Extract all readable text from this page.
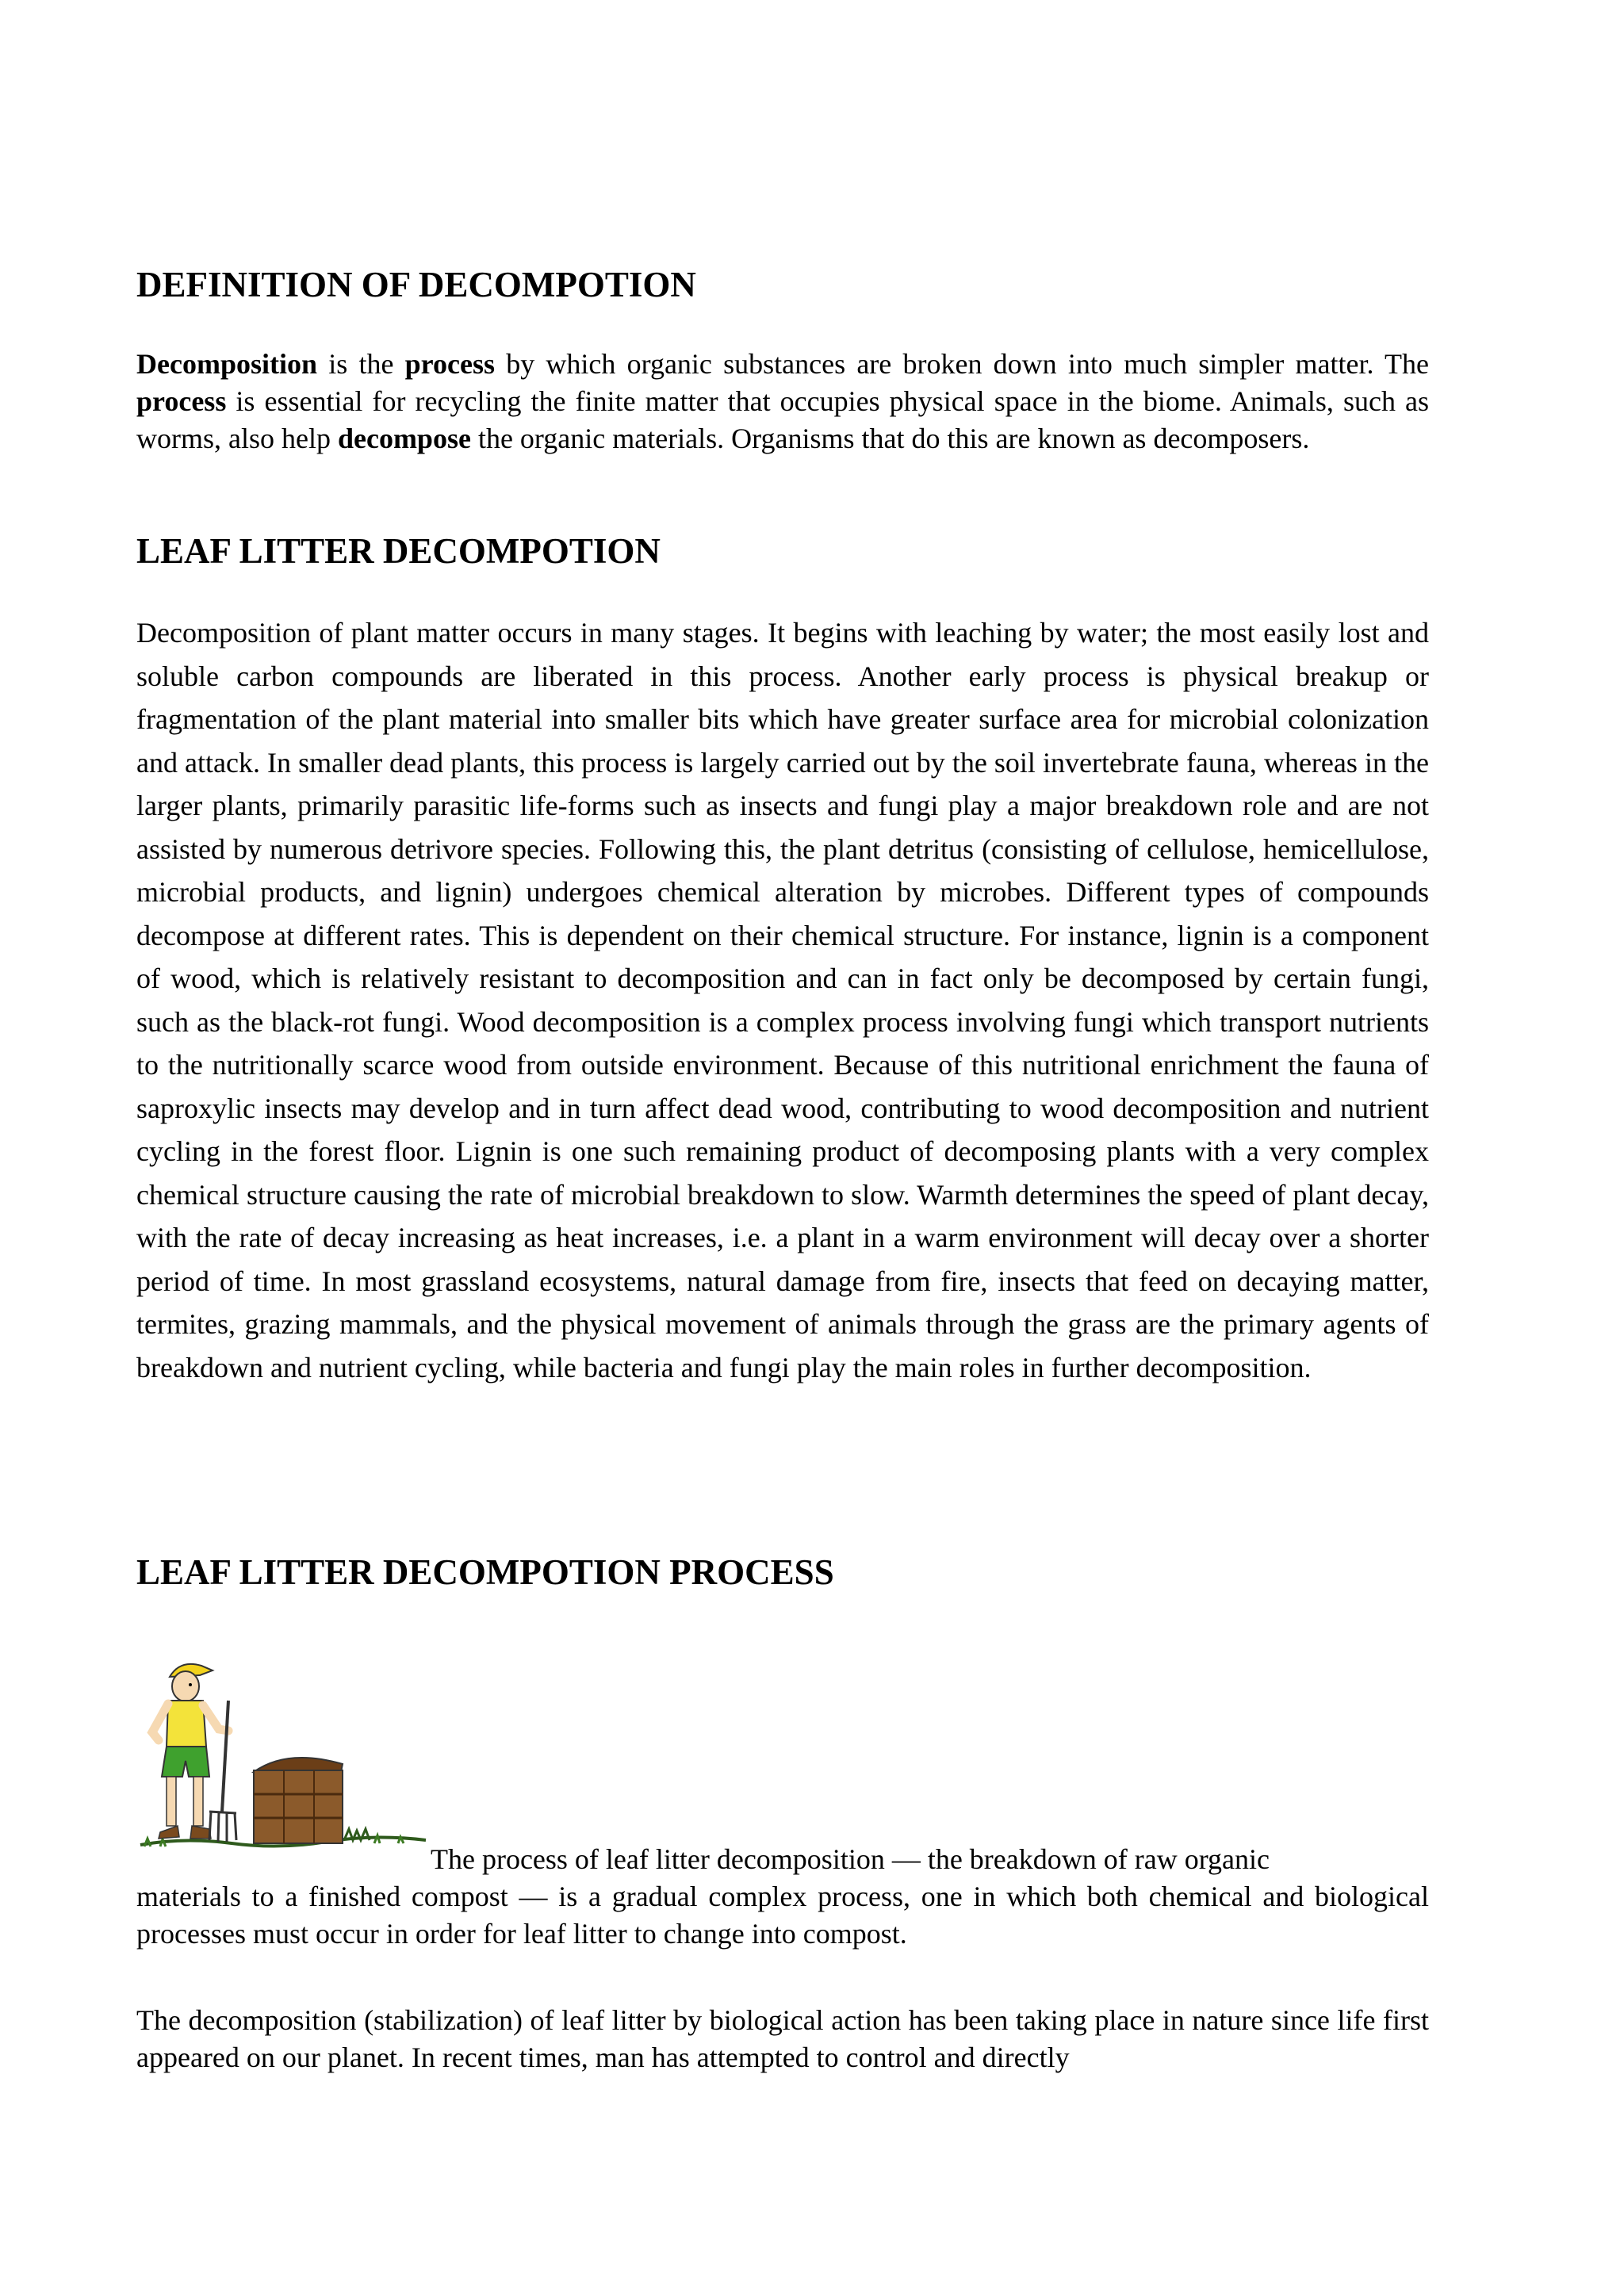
DEFINITION OF DECOMPOTION

Decomposition is the process by which organic substances are broken down into much simpler matter. The process is essential for recycling the finite matter that occupies physical space in the biome. Animals, such as worms, also help decompose the organic materials. Organisms that do this are known as decomposers.

LEAF LITTER DECOMPOTION

Decomposition of plant matter occurs in many stages. It begins with leaching by water; the most easily lost and soluble carbon compounds are liberated in this process. Another early process is physical breakup or fragmentation of the plant material into smaller bits which have greater surface area for microbial colonization and attack. In smaller dead plants, this process is largely carried out by the soil invertebrate fauna, whereas in the larger plants, primarily parasitic life-forms such as insects and fungi play a major breakdown role and are not assisted by numerous detrivore species. Following this, the plant detritus (consisting of cellulose, hemicellulose, microbial products, and lignin) undergoes chemical alteration by microbes. Different types of compounds decompose at different rates. This is dependent on their chemical structure. For instance, lignin is a component of wood, which is relatively resistant to decomposition and can in fact only be decomposed by certain fungi, such as the black-rot fungi. Wood decomposition is a complex process involving fungi which transport nutrients to the nutritionally scarce wood from outside environment. Because of this nutritional enrichment the fauna of saproxylic insects may develop and in turn affect dead wood, contributing to wood decomposition and nutrient cycling in the forest floor. Lignin is one such remaining product of decomposing plants with a very complex chemical structure causing the rate of microbial breakdown to slow. Warmth determines the speed of plant decay, with the rate of decay increasing as heat increases, i.e. a plant in a warm environment will decay over a shorter period of time. In most grassland ecosystems, natural damage from fire, insects that feed on decaying matter, termites, grazing mammals, and the physical movement of animals through the grass are the primary agents of breakdown and nutrient cycling, while bacteria and fungi play the main roles in further decomposition.

LEAF LITTER DECOMPOTION PROCESS

The process of leaf litter decomposition — the breakdown of raw organic

materials to a finished compost — is a gradual complex process, one in which both chemical and biological processes must occur in order for leaf litter to change into compost.

The decomposition (stabilization) of leaf litter by biological action has been taking place in nature since life first appeared on our planet. In recent times, man has attempted to control and directly
